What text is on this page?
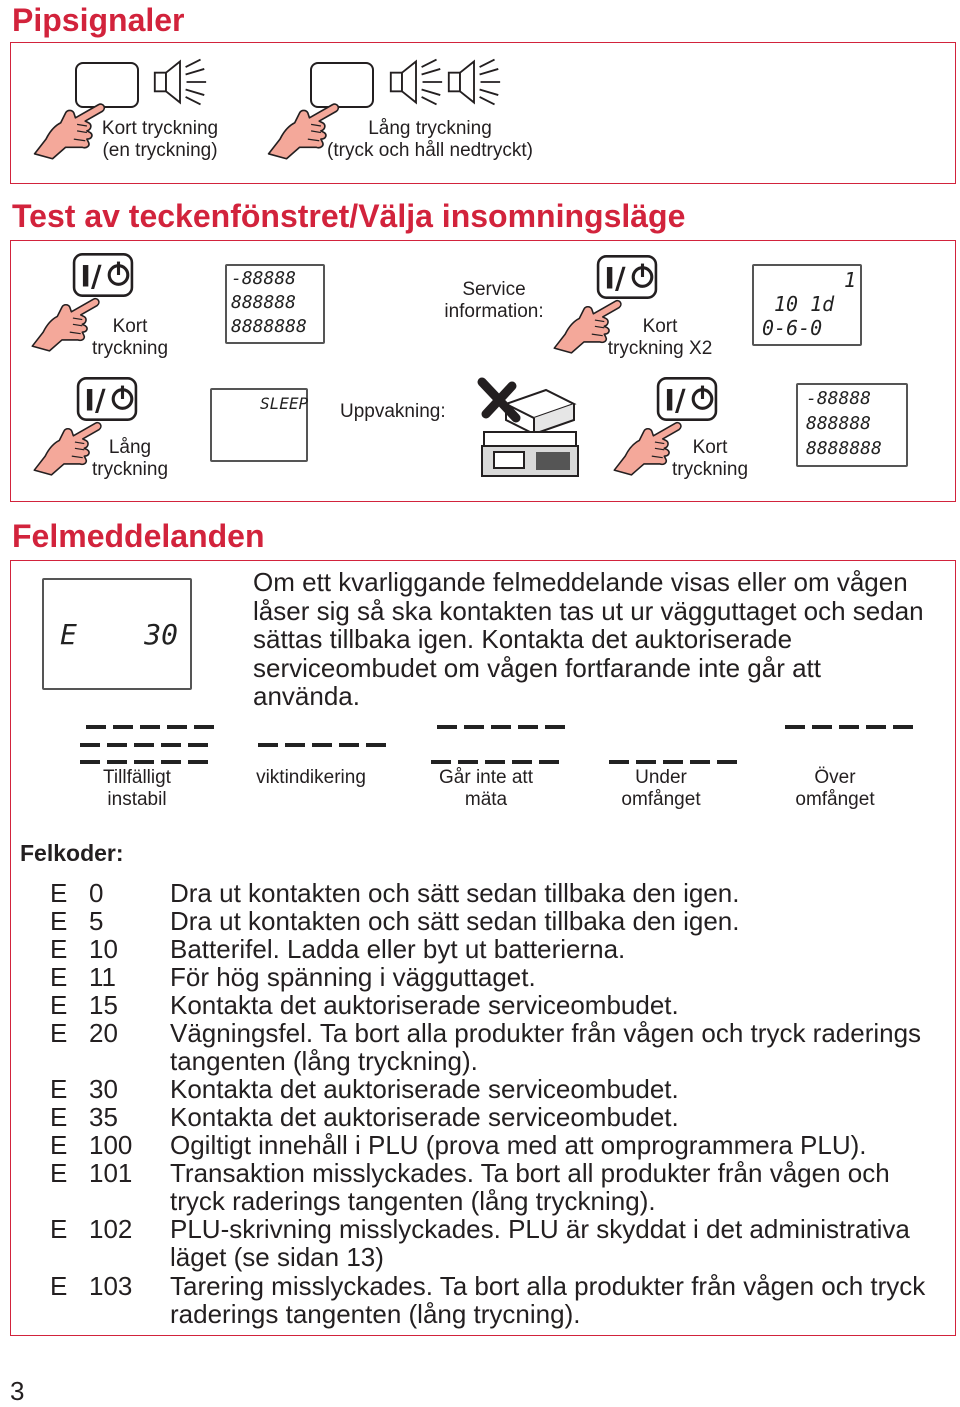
Pipsignaler
Kort tryckning
(en tryckning)
Lång tryckning
(tryck och håll nedtryckt)
Test av teckenfönstret/Välja insomningsläge
Kort
tryckning
-88888
888888
8888888
Service
information:
Kort
tryckning X2
1
10 1d
0-6-0
Lång
tryckning
SLEEP Uppvakning:
Kort
tryckning
-88888
888888
8888888
Felmeddelanden
E    30
Om ett kvarliggande felmeddelande visas eller om vågen låser sig så ska kontakten tas ut ur vägguttaget och sedan sättas tillbaka igen. Kontakta det auktoriserade serviceombudet om vågen fortfarande inte går att använda.
Tillfälligt
instabil
viktindikering	Går inte att
mäta
Under
omfånget
Över
omfånget
Felkoder:
E   0	Dra ut kontakten och sätt sedan tillbaka den igen.
E   5	Dra ut kontakten och sätt sedan tillbaka den igen.
E   10	Batterifel. Ladda eller byt ut batterierna.
E   11	För hög spänning i vägguttaget.
E   15	Kontakta det auktoriserade serviceombudet.
E   20	Vägningsfel. Ta bort alla produkter från vågen och tryck raderings tangenten (lång tryckning).
E   30	Kontakta det auktoriserade serviceombudet.
E   35	Kontakta det auktoriserade serviceombudet.
E   100	Ogiltigt innehåll i PLU (prova med att omprogrammera PLU).
E   101	Transaktion misslyckades. Ta bort all produkter från vågen och tryck raderings tangenten (lång tryckning).
E   102	PLU-skrivning misslyckades. PLU är skyddat i det administrativa läget (se sidan 13)
E   103	Tarering misslyckades. Ta bort alla produkter från vågen och tryck raderings tangenten (lång trycning).
3
